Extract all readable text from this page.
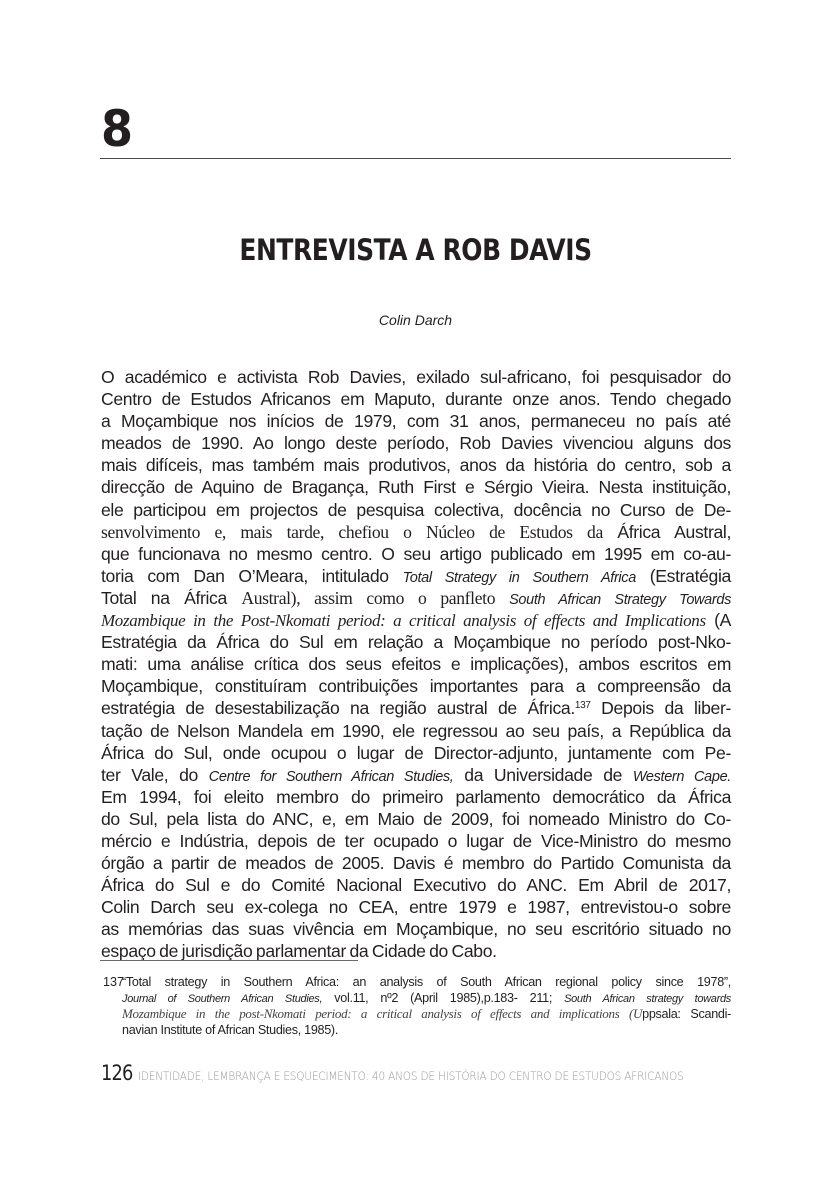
8
ENTREVISTA A ROB DAVIS
Colin Darch
O académico e activista Rob Davies, exilado sul-africano, foi pesquisador do
Centro de Estudos Africanos em Maputo, durante onze anos. Tendo chegado
a Moçambique nos inícios de 1979, com 31 anos, permaneceu no país até
meados de 1990. Ao longo deste período, Rob Davies vivenciou alguns dos
mais difíceis, mas também mais produtivos, anos da história do centro, sob a
direcção de Aquino de Bragança, Ruth First e Sérgio Vieira. Nesta instituição,
ele participou em projectos de pesquisa colectiva, docência no Curso de De-
senvolvimento e, mais tarde, chefiou o Núcleo de Estudos da África Austral,
que funcionava no mesmo centro. O seu artigo publicado em 1995 em co-au-
toria com Dan O’Meara, intitulado Total Strategy in Southern Africa (Estratégia
Total na África Austral), assim como o panfleto South African Strategy Towards
Mozambique in the Post-Nkomati period: a critical analysis of effects and Implications (A
Estratégia da África do Sul em relação a Moçambique no período post-Nko-
mati: uma análise crítica dos seus efeitos e implicações), ambos escritos em
Moçambique, constituíram contribuições importantes para a compreensão da
estratégia de desestabilização na região austral de África.$^{137}$ Depois da liber-
tação de Nelson Mandela em 1990, ele regressou ao seu país, a República da
África do Sul, onde ocupou o lugar de Director-adjunto, juntamente com Pe-
ter Vale, do Centre for Southern African Studies, da Universidade de Western Cape.
Em 1994, foi eleito membro do primeiro parlamento democrático da África
do Sul, pela lista do ANC, e, em Maio de 2009, foi nomeado Ministro do Co-
mércio e Indústria, depois de ter ocupado o lugar de Vice-Ministro do mesmo
órgão a partir de meados de 2005. Davis é membro do Partido Comunista da
África do Sul e do Comité Nacional Executivo do ANC. Em Abril de 2017,
Colin Darch seu ex-colega no CEA, entre 1979 e 1987, entrevistou-o sobre
as memórias das suas vivência em Moçambique, no seu escritório situado no
espaço de jurisdição parlamentar da Cidade do Cabo.
137
“Total strategy in Southern Africa: an analysis of South African regional policy since 1978”,
Journal of Southern African Studies, vol.11, nº2 (April 1985),p.183- 211; South African strategy towards
Mozambique in the post-Nkomati period: a critical analysis of effects and implications (Uppsala: Scandi-
navian Institute of African Studies, 1985).
126 IDENTIDADE, LEMBRANÇA E ESQUECIMENTO: 40 ANOS DE HISTÓRIA DO CENTRO DE ESTUDOS AFRICANOS
